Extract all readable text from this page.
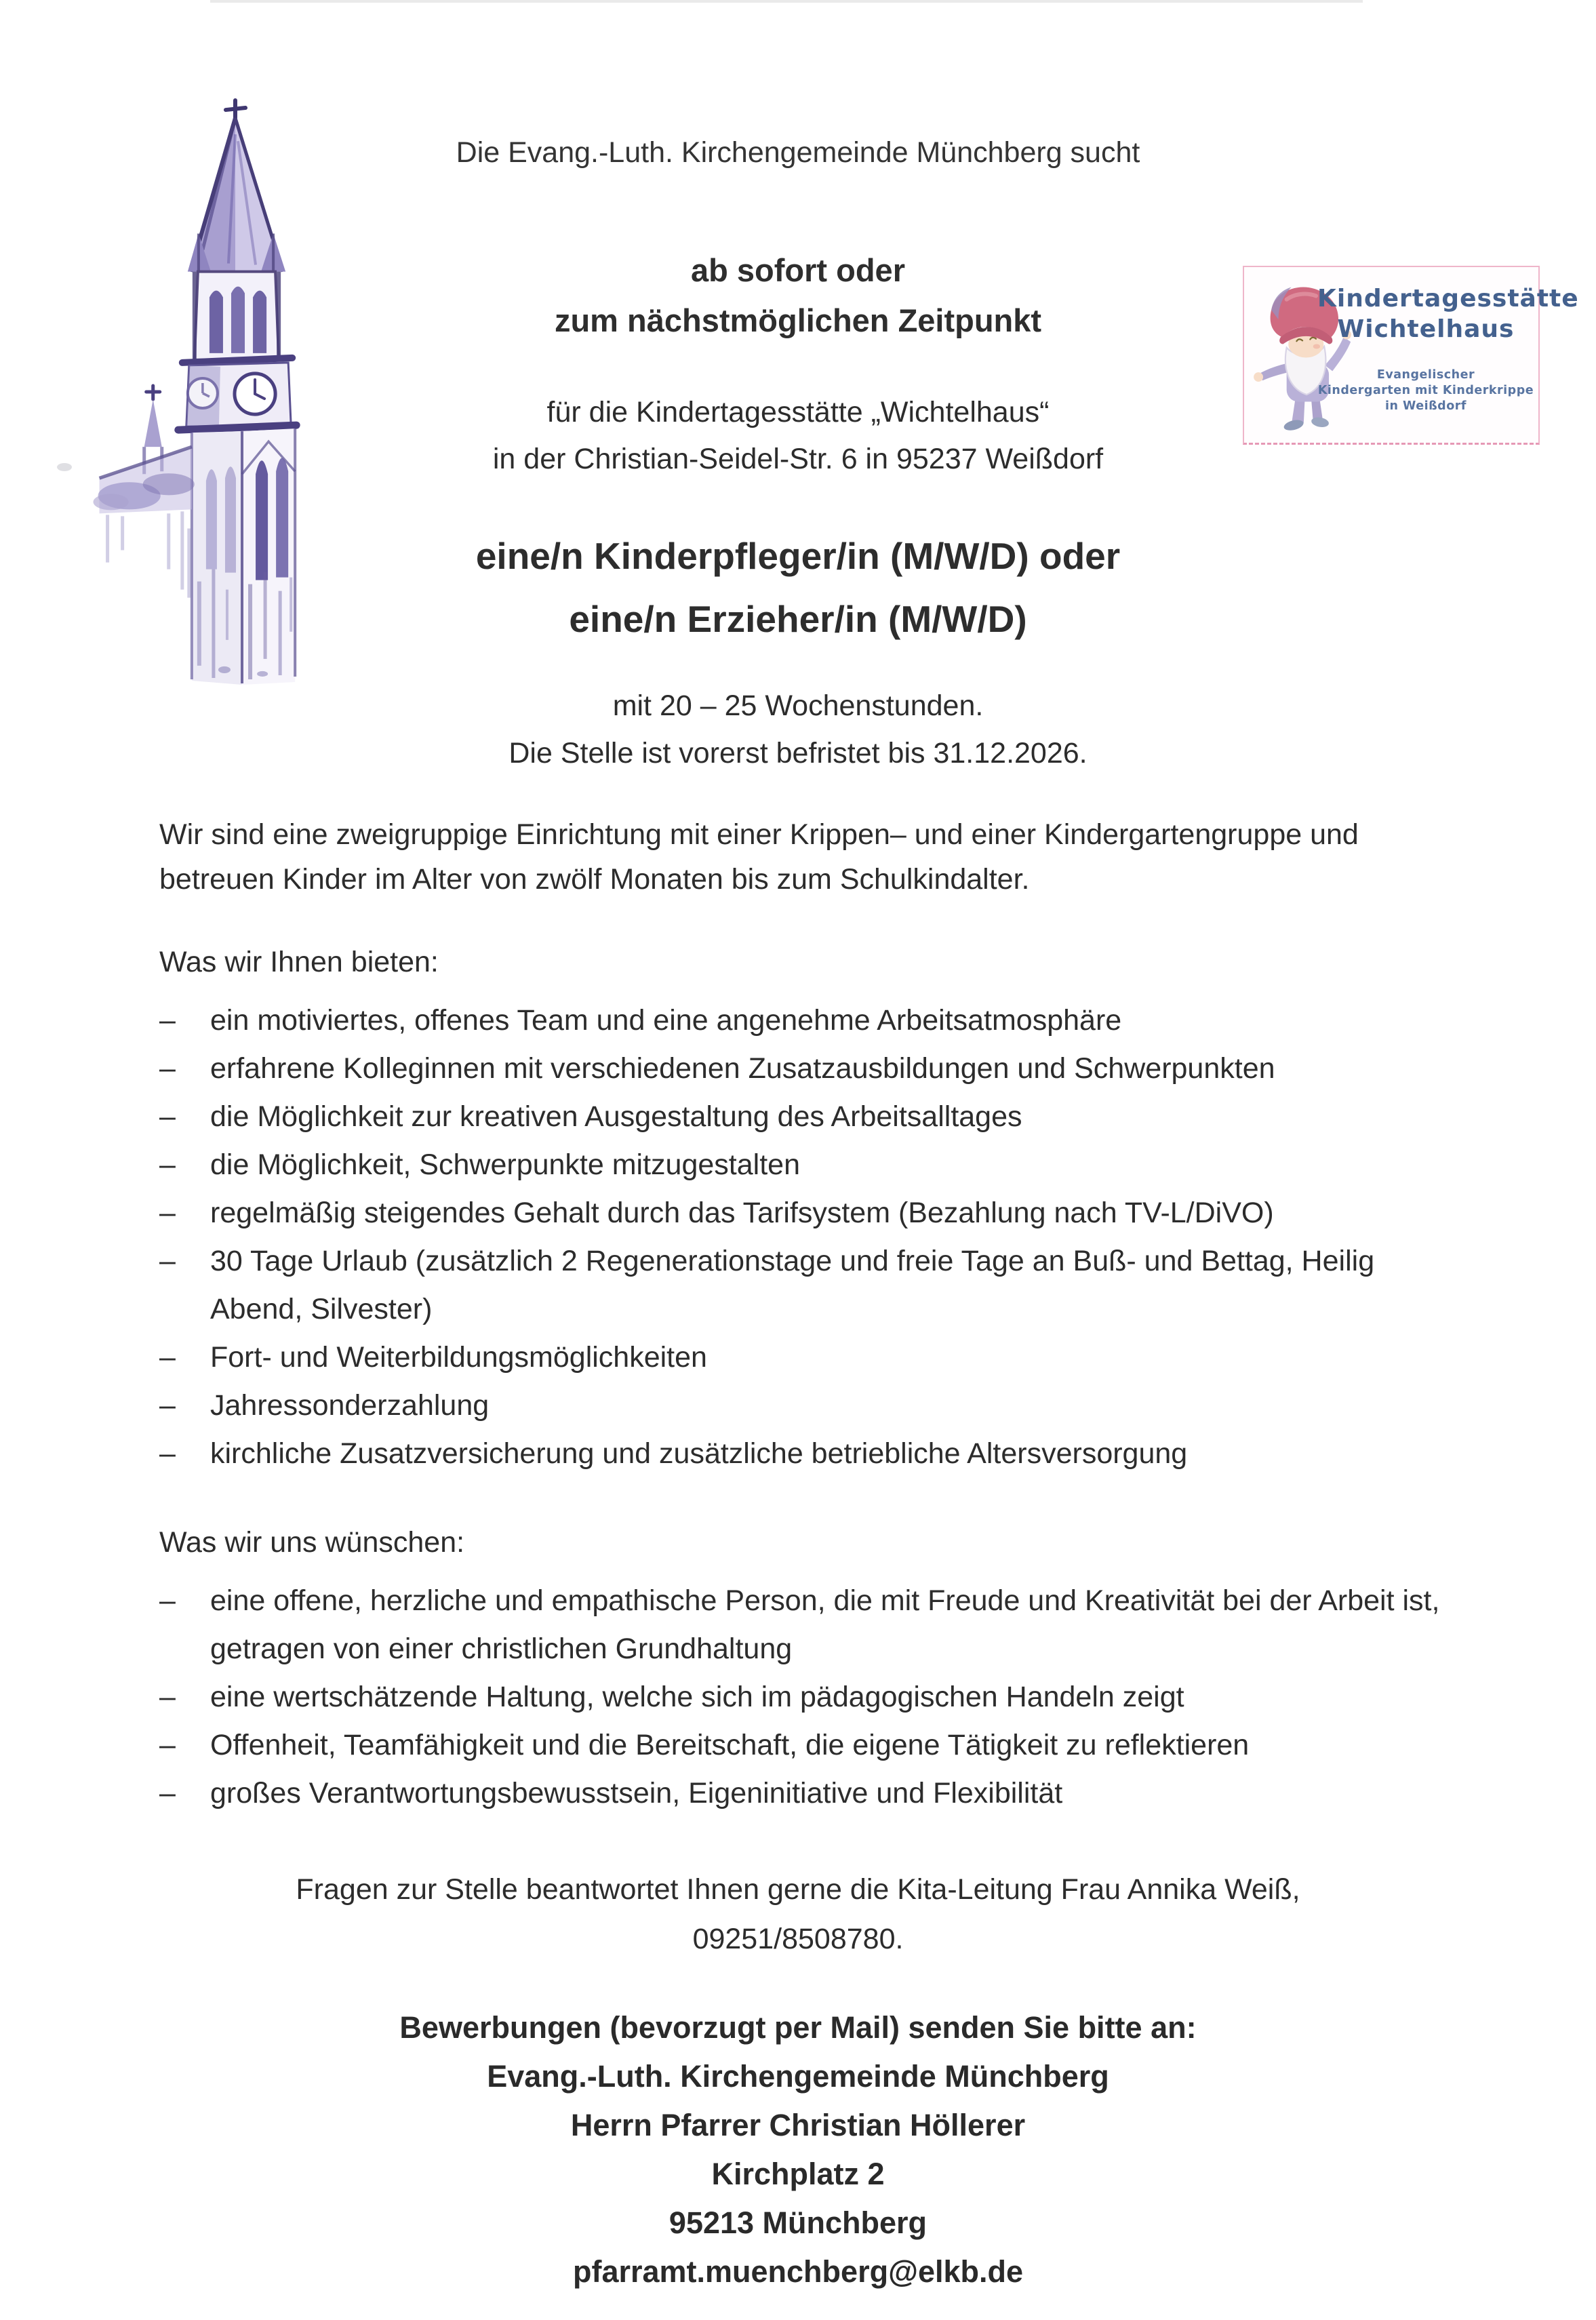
Kindertagesstätte
Wichtelhaus
Evangelischer
Kindergarten mit Kinderkrippe
in Weißdorf
Die Evang.-Luth. Kirchengemeinde Münchberg sucht
ab sofort oder
zum nächstmöglichen Zeitpunkt
für die Kindertagesstätte „Wichtelhaus“
in der Christian-Seidel-Str. 6 in 95237 Weißdorf
eine/n Kinderpfleger/in (M/W/D) oder
eine/n Erzieher/in (M/W/D)
mit 20 – 25 Wochenstunden.
Die Stelle ist vorerst befristet bis 31.12.2026.
Wir sind eine zweigruppige Einrichtung mit einer Krippen– und einer Kindergartengruppe und betreuen Kinder im Alter von zwölf Monaten bis zum Schulkindalter.
Was wir Ihnen bieten:
–	ein motiviertes, offenes Team und eine angenehme Arbeitsatmosphäre
–	erfahrene Kolleginnen mit verschiedenen Zusatzausbildungen und Schwerpunkten
–	die Möglichkeit zur kreativen Ausgestaltung des Arbeitsalltages
–	die Möglichkeit, Schwerpunkte mitzugestalten
–	regelmäßig steigendes Gehalt durch das Tarifsystem (Bezahlung nach TV-L/DiVO)
–	30 Tage Urlaub (zusätzlich 2 Regenerationstage und freie Tage an Buß- und Bettag, Heilig Abend, Silvester)
–	Fort- und Weiterbildungsmöglichkeiten
–	Jahressonderzahlung
–	kirchliche Zusatzversicherung und zusätzliche betriebliche Altersversorgung
Was wir uns wünschen:
–	eine offene, herzliche und empathische Person, die mit Freude und Kreativität bei der Arbeit ist, getragen von einer christlichen Grundhaltung
–	eine wertschätzende Haltung, welche sich im pädagogischen Handeln zeigt
–	Offenheit, Teamfähigkeit und die Bereitschaft, die eigene Tätigkeit zu reflektieren
–	großes Verantwortungsbewusstsein, Eigeninitiative und Flexibilität
Fragen zur Stelle beantwortet Ihnen gerne die Kita-Leitung Frau Annika Weiß,
09251/8508780.
Bewerbungen (bevorzugt per Mail) senden Sie bitte an:
Evang.-Luth. Kirchengemeinde Münchberg
Herrn Pfarrer Christian Höllerer
Kirchplatz 2
95213 Münchberg
pfarramt.muenchberg@elkb.de
